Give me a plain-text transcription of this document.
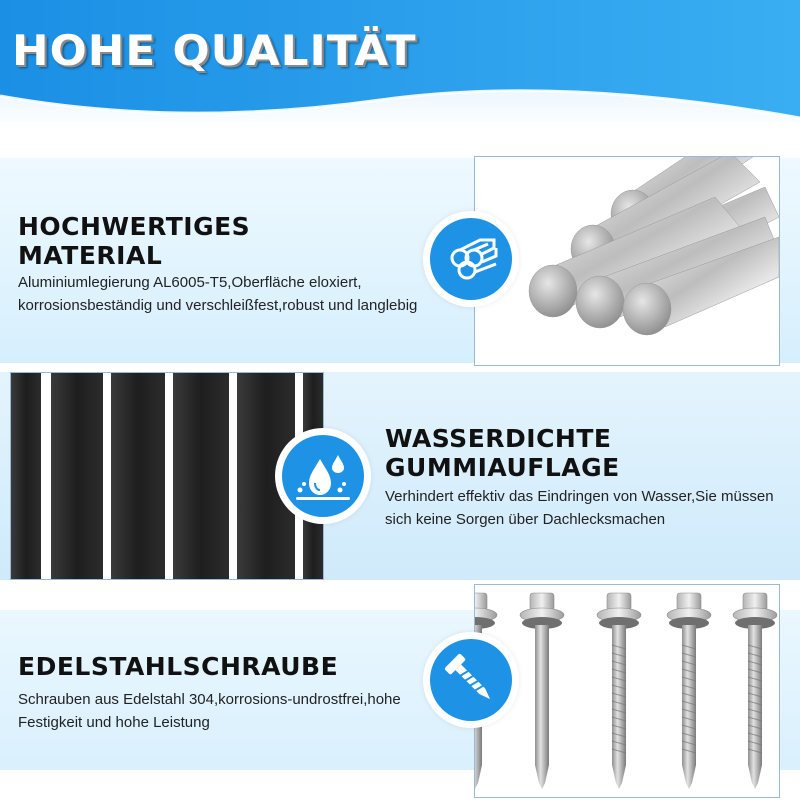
HOHE QUALITÄT
HOCHWERTIGES
MATERIAL
Aluminiumlegierung AL6005-T5,Oberfläche eloxiert,
korrosionsbeständig und verschleißfest,robust und langlebig
WASSERDICHTE
GUMMIAUFLAGE
Verhindert effektiv das Eindringen von Wasser,Sie müssen
sich keine Sorgen über Dachlecksmachen
EDELSTAHLSCHRAUBE
Schrauben aus Edelstahl 304,korrosions-undrostfrei,hohe
Festigkeit und hohe Leistung
